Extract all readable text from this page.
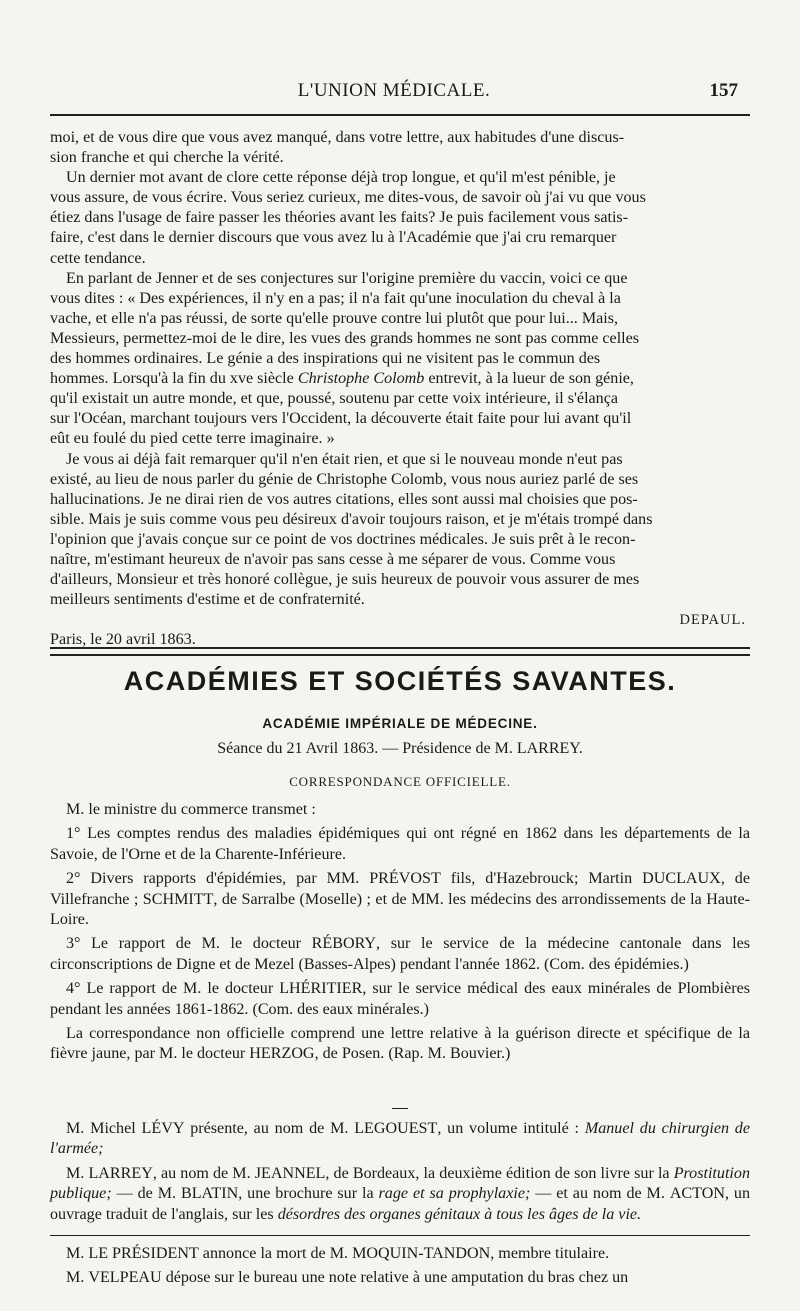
L'UNION MÉDICALE.	157

moi, et de vous dire que vous avez manqué, dans votre lettre, aux habitudes d'une discus-

sion franche et qui cherche la vérité.

Un dernier mot avant de clore cette réponse déjà trop longue, et qu'il m'est pénible, je

vous assure, de vous écrire. Vous seriez curieux, me dites-vous, de savoir où j'ai vu que vous

étiez dans l'usage de faire passer les théories avant les faits? Je puis facilement vous satis-

faire, c'est dans le dernier discours que vous avez lu à l'Académie que j'ai cru remarquer

cette tendance.

En parlant de Jenner et de ses conjectures sur l'origine première du vaccin, voici ce que

vous dites : « Des expériences, il n'y en a pas; il n'a fait qu'une inoculation du cheval à la

vache, et elle n'a pas réussi, de sorte qu'elle prouve contre lui plutôt que pour lui... Mais,

Messieurs, permettez-moi de le dire, les vues des grands hommes ne sont pas comme celles

des hommes ordinaires. Le génie a des inspirations qui ne visitent pas le commun des

hommes. Lorsqu'à la fin du xve siècle Christophe Colomb entrevit, à la lueur de son génie,

qu'il existait un autre monde, et que, poussé, soutenu par cette voix intérieure, il s'élança

sur l'Océan, marchant toujours vers l'Occident, la découverte était faite pour lui avant qu'il

eût eu foulé du pied cette terre imaginaire. »

Je vous ai déjà fait remarquer qu'il n'en était rien, et que si le nouveau monde n'eut pas

existé, au lieu de nous parler du génie de Christophe Colomb, vous nous auriez parlé de ses

hallucinations. Je ne dirai rien de vos autres citations, elles sont aussi mal choisies que pos-

sible. Mais je suis comme vous peu désireux d'avoir toujours raison, et je m'étais trompé dans

l'opinion que j'avais conçue sur ce point de vos doctrines médicales. Je suis prêt à le recon-

naître, m'estimant heureux de n'avoir pas sans cesse à me séparer de vous. Comme vous

d'ailleurs, Monsieur et très honoré collègue, je suis heureux de pouvoir vous assurer de mes

meilleurs sentiments d'estime et de confraternité.

DEPAUL.

Paris, le 20 avril 1863.

ACADÉMIES ET SOCIÉTÉS SAVANTES.
ACADÉMIE IMPÉRIALE DE MÉDECINE.
Séance du 21 Avril 1863. — Présidence de M. LARREY.
CORRESPONDANCE OFFICIELLE.

M. le ministre du commerce transmet :

1° Les comptes rendus des maladies épidémiques qui ont régné en 1862 dans les départements de la Savoie, de l'Orne et de la Charente-Inférieure.

2° Divers rapports d'épidémies, par MM. PRÉVOST fils, d'Hazebrouck; Martin DUCLAUX, de Villefranche ; SCHMITT, de Sarralbe (Moselle) ; et de MM. les médecins des arrondissements de la Haute-Loire.

3° Le rapport de M. le docteur RÉBORY, sur le service de la médecine cantonale dans les circonscriptions de Digne et de Mezel (Basses-Alpes) pendant l'année 1862. (Com. des épidémies.)

4° Le rapport de M. le docteur LHÉRITIER, sur le service médical des eaux minérales de Plombières pendant les années 1861-1862. (Com. des eaux minérales.)

La correspondance non officielle comprend une lettre relative à la guérison directe et spécifique de la fièvre jaune, par M. le docteur HERZOG, de Posen. (Rap. M. Bouvier.)

M. Michel LÉVY présente, au nom de M. LEGOUEST, un volume intitulé : Manuel du chirurgien de l'armée;

M. LARREY, au nom de M. JEANNEL, de Bordeaux, la deuxième édition de son livre sur la Prostitution publique; — de M. BLATIN, une brochure sur la rage et sa prophylaxie; — et au nom de M. ACTON, un ouvrage traduit de l'anglais, sur les désordres des organes génitaux à tous les âges de la vie.

M. LE PRÉSIDENT annonce la mort de M. MOQUIN-TANDON, membre titulaire.

M. VELPEAU dépose sur le bureau une note relative à une amputation du bras chez un
